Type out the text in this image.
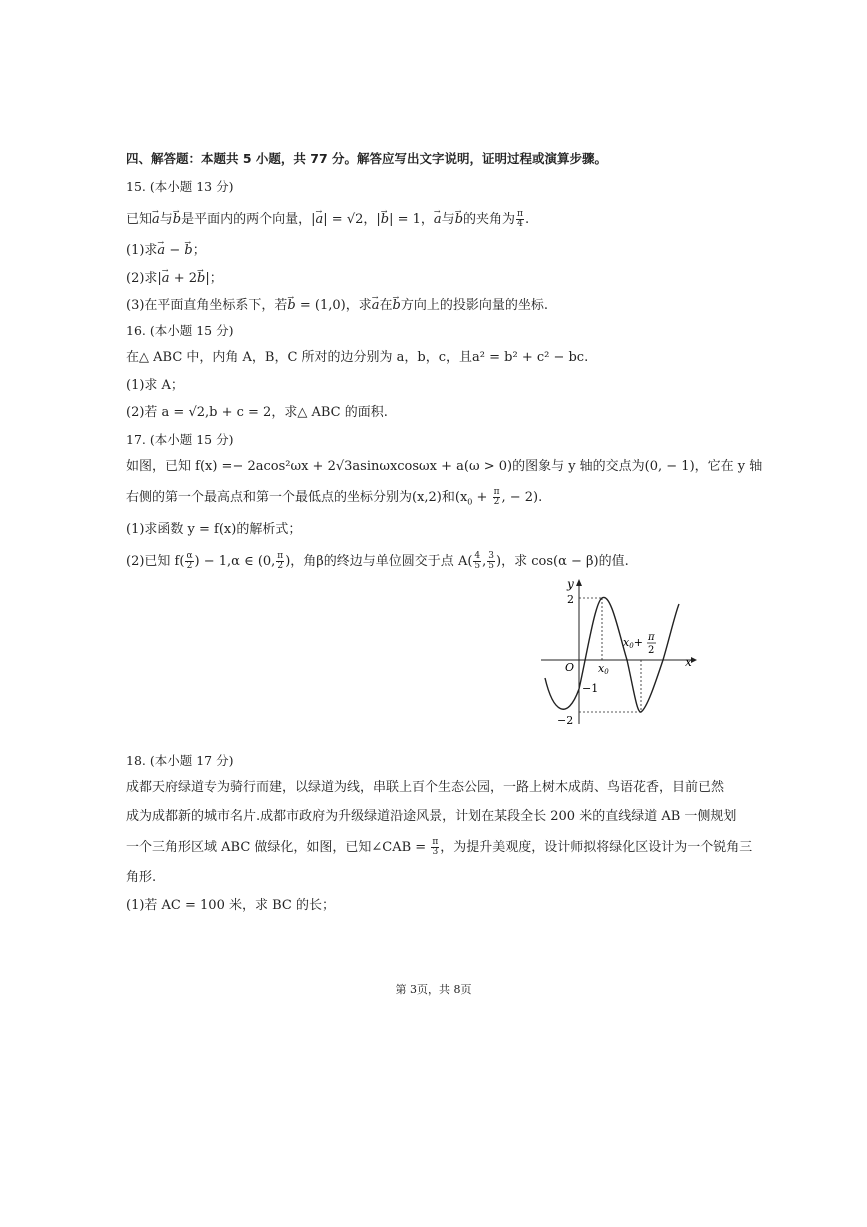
四、解答题：本题共 5 小题，共 77 分。解答应写出文字说明，证明过程或演算步骤。
15. (本小题 13 分)
已知→ a与→ b是平面内的两个向量，|→ a| = √2，|→ b| = 1，→ a与→ b的夹角为 $\frac{\pi}{4}$ .
(1)求→ a − → b；
(2)求|→ a + 2→ b|；
(3)在平面直角坐标系下，若→ b = (1,0)，求→ a在→ b方向上的投影向量的坐标.
16. (本小题 15 分)
在△ ABC 中，内角 A，B，C 所对的边分别为 a，b，c，且a² = b² + c² − bc.
(1)求 A；
(2)若 a = √2,b + c = 2，求△ ABC 的面积.
17. (本小题 15 分)
如图，已知 f(x) =− 2acos²ωx + 2√3asinωxcosωx + a(ω > 0)的图象与 y 轴的交点为(0, − 1)，它在 y 轴
右侧的第一个最高点和第一个最低点的坐标分别为(x,2)和($x_0 + \frac{\pi}{2}$ , − 2).
(1)求函数 y = f(x)的解析式；
(2)已知 $f( \frac{\alpha}{2}$ ) − 1,α ∈ (0, $\frac{\pi}{2}$ )，角β的终边与单位圆交于点 $A( \frac{4}{5}$ , $\frac{3}{5}$ )，求 cos(α − β)的值.
y
x
O
2
−2
−1
x0
x0+ π
2
18. (本小题 17 分)
成都天府绿道专为骑行而建，以绿道为线，串联上百个生态公园，一路上树木成荫、鸟语花香，目前已然
成为成都新的城市名片.成都市政府为升级绿道沿途风景，计划在某段全长 200 米的直线绿道 AB 一侧规划
一个三角形区域 ABC 做绿化，如图，已知∠CAB = $\frac{\pi}{3}$ ，为提升美观度，设计师拟将绿化区设计为一个锐角三
角形.
(1)若 AC = 100 米，求 BC 的长；
第 3页，共 8页
